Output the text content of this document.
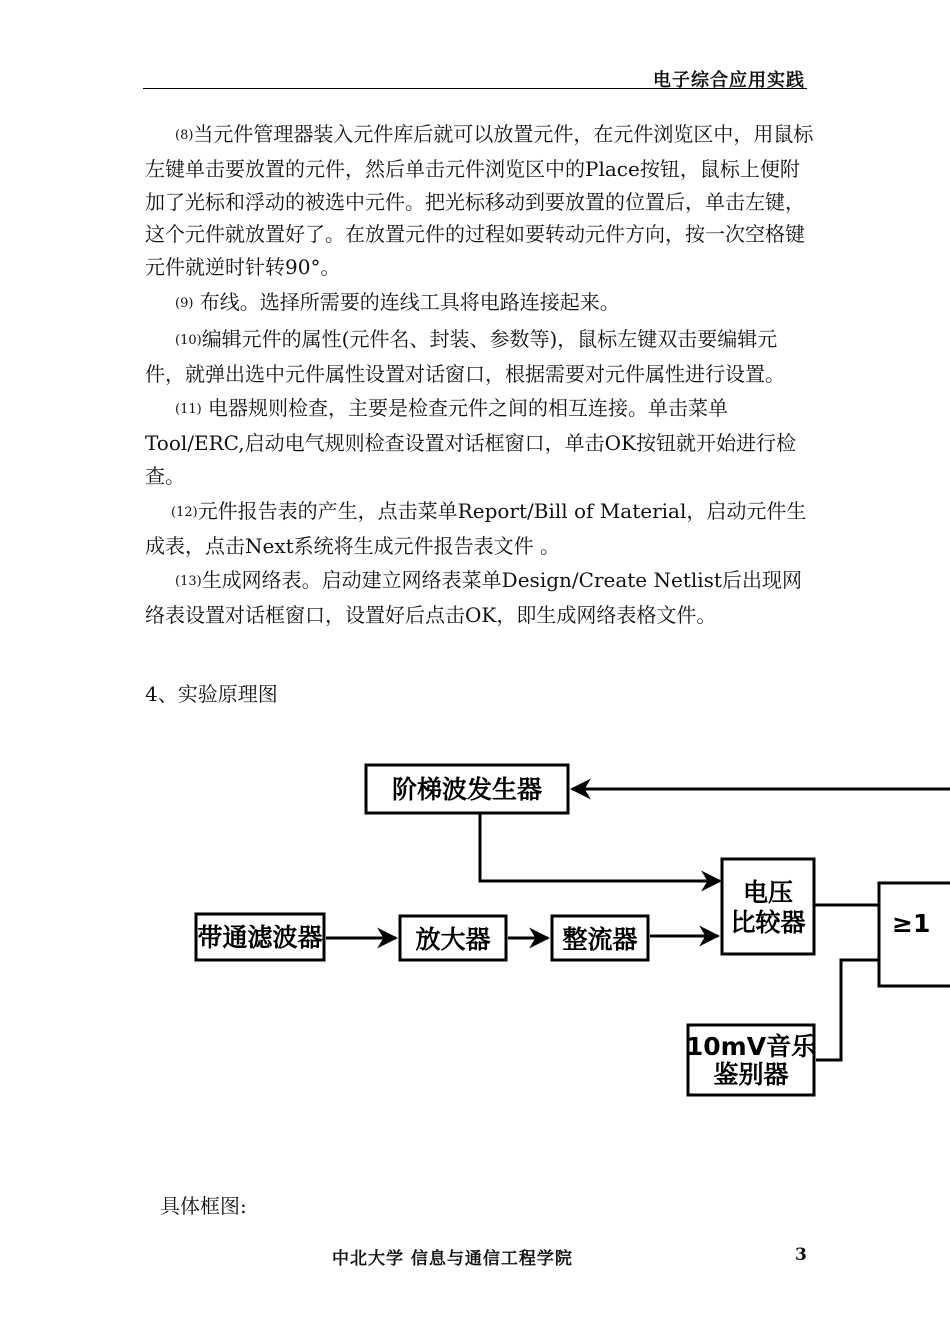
电子综合应用实践

(8)当元件管理器装入元件库后就可以放置元件，在元件浏览区中，用鼠标左键单击要放置的元件，然后单击元件浏览区中的Place按钮，鼠标上便附加了光标和浮动的被选中元件。把光标移动到要放置的位置后，单击左键，这个元件就放置好了。在放置元件的过程如要转动元件方向，按一次空格键元件就逆时针转90°。

(9) 布线。选择所需要的连线工具将电路连接起来。

(10)编辑元件的属性(元件名、封装、参数等)，鼠标左键双击要编辑元件，就弹出选中元件属性设置对话窗口，根据需要对元件属性进行设置。

(11) 电器规则检查，主要是检查元件之间的相互连接。单击菜单Tool/ERC,启动电气规则检查设置对话框窗口，单击OK按钮就开始进行检查。

(12)元件报告表的产生，点击菜单Report/Bill of Material，启动元件生成表，点击Next系统将生成元件报告表文件 。

(13)生成网络表。启动建立网络表菜单Design/Create Netlist后出现网络表设置对话框窗口，设置好后点击OK，即生成网络表格文件。

4、实验原理图
阶梯波发生器
带通滤波器	放大器	整流器
电压
比较器	≥1
10mV音乐
鉴别器
具体框图:
中北大学 信息与通信工程学院	3
